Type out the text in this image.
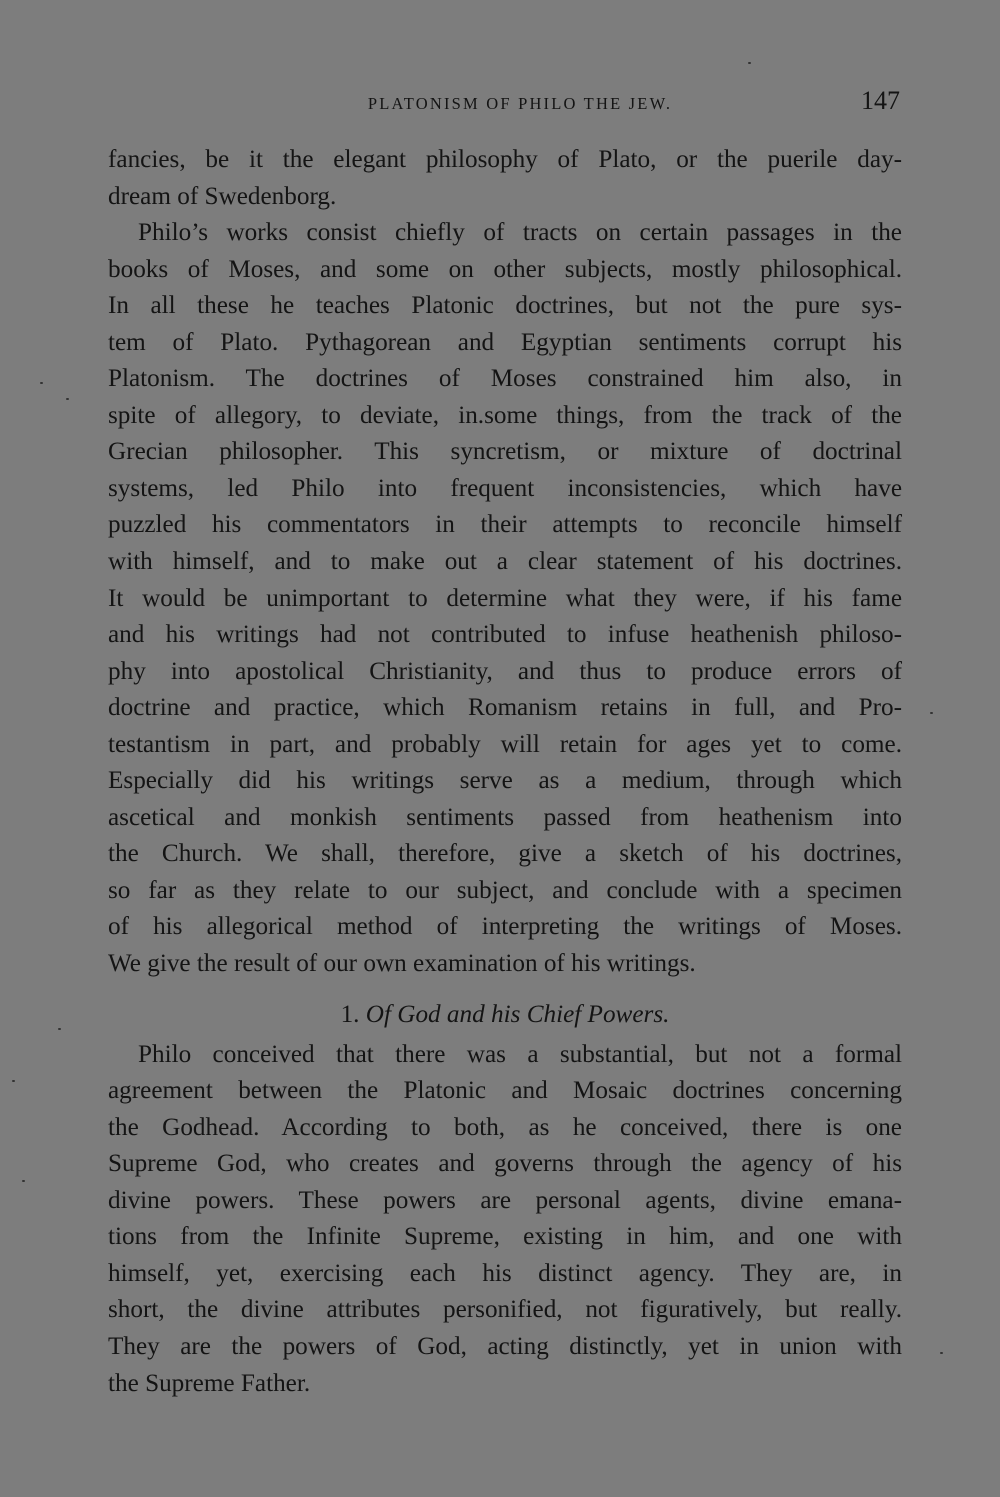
PLATONISM OF PHILO THE JEW.	147
fancies, be it the elegant philosophy of Plato, or the puerile day-
dream of Swedenborg.
Philo’s works consist chiefly of tracts on certain passages in the
books of Moses, and some on other subjects, mostly philosophical.
In all these he teaches Platonic doctrines, but not the pure sys-
tem of Plato. Pythagorean and Egyptian sentiments corrupt his
Platonism. The doctrines of Moses constrained him also, in
spite of allegory, to deviate, in.some things, from the track of the
Grecian philosopher. This syncretism, or mixture of doctrinal
systems, led Philo into frequent inconsistencies, which have
puzzled his commentators in their attempts to reconcile himself
with himself, and to make out a clear statement of his doctrines.
It would be unimportant to determine what they were, if his fame
and his writings had not contributed to infuse heathenish philoso-
phy into apostolical Christianity, and thus to produce errors of
doctrine and practice, which Romanism retains in full, and Pro-
testantism in part, and probably will retain for ages yet to come.
Especially did his writings serve as a medium, through which
ascetical and monkish sentiments passed from heathenism into
the Church. We shall, therefore, give a sketch of his doctrines,
so far as they relate to our subject, and conclude with a specimen
of his allegorical method of interpreting the writings of Moses.
We give the result of our own examination of his writings.
1. Of God and his Chief Powers.
Philo conceived that there was a substantial, but not a formal
agreement between the Platonic and Mosaic doctrines concerning
the Godhead. According to both, as he conceived, there is one
Supreme God, who creates and governs through the agency of his
divine powers. These powers are personal agents, divine emana-
tions from the Infinite Supreme, existing in him, and one with
himself, yet, exercising each his distinct agency. They are, in
short, the divine attributes personified, not figuratively, but really.
They are the powers of God, acting distinctly, yet in union with
the Supreme Father.
